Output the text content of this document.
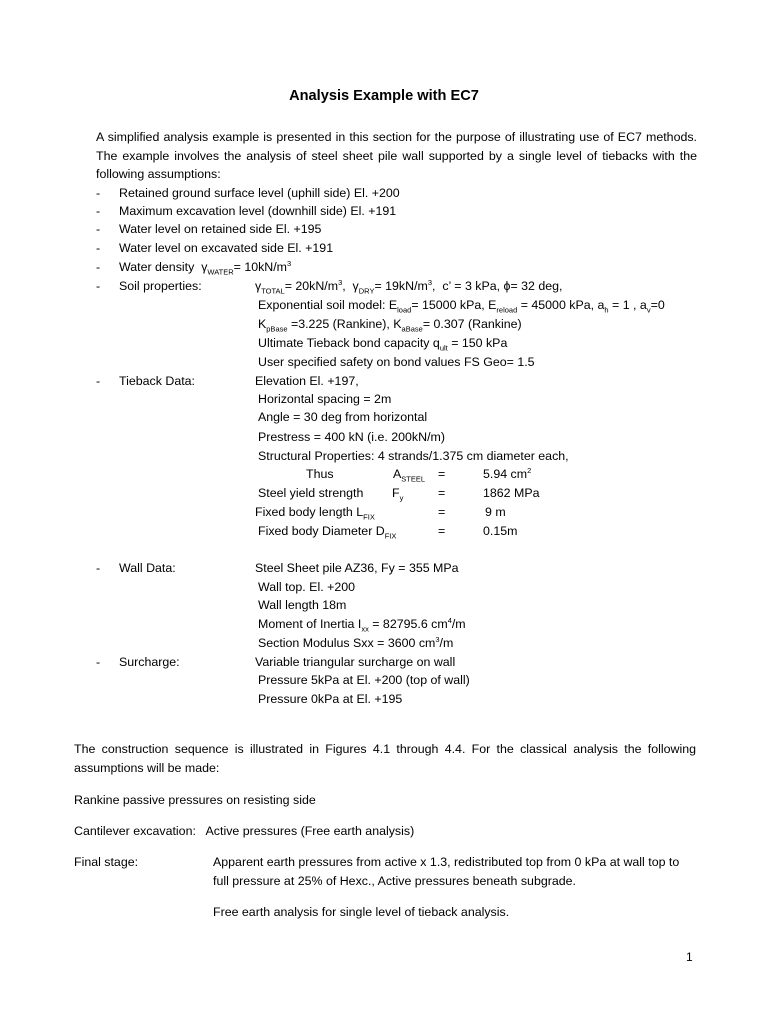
Analysis Example with EC7
A simplified analysis example is presented in this section for the purpose of illustrating use of EC7 methods. The example involves the analysis of steel sheet pile wall supported by a single level of tiebacks with the following assumptions:
- Retained ground surface level (uphill side) El. +200
- Maximum excavation level (downhill side) El. +191
- Water level on retained side El. +195
- Water level on excavated side El. +191
- Water density $\gamma_{WATER}= 10kN/m^3$
- Soil properties:	$\gamma_{TOTAL}= 20kN/m^3$,  $\gamma_{DRY}= 19kN/m^3$,  c’ = 3 kPa, ϕ= 32 deg,
Exponential soil model: $E_{load}= 15000$ kPa, $E_{reload} = 45000$ kPa, $a_h = 1$ , $a_v=0$
$K_{pBase} =3.225$ (Rankine), $K_{aBase}= 0.307$ (Rankine)
Ultimate Tieback bond capacity $q_{ult} = 150$ kPa
User specified safety on bond values FS Geo= 1.5
- Tieback Data:	Elevation El. +197,
Horizontal spacing = 2m
Angle = 30 deg from horizontal
Prestress = 400 kN (i.e. 200kN/m)
Structural Properties: 4 strands/1.375 cm diameter each,
Thus	$A_{STEEL}$ =	5.94 $cm^2$
Steel yield strength $F_y$	=	1862 MPa
Fixed body length $L_{FIX}$	=	9 m
Fixed body Diameter $D_{FIX}$	=	0.15m
- Wall Data:	Steel Sheet pile AZ36, Fy = 355 MPa
Wall top. El. +200
Wall length 18m
Moment of Inertia $I_{xx} = 82795.6$ $cm^4/m$
Section Modulus Sxx = 3600 $cm^3/m$
- Surcharge:	Variable triangular surcharge on wall
Pressure 5kPa at El. +200 (top of wall)
Pressure 0kPa at El. +195
The construction sequence is illustrated in Figures 4.1 through 4.4. For the classical analysis the following assumptions will be made:
Rankine passive pressures on resisting side
Cantilever excavation:   Active pressures (Free earth analysis)
Final stage:	Apparent earth pressures from active x 1.3, redistributed top from 0 kPa at wall top to full pressure at 25% of Hexc., Active pressures beneath subgrade.
Free earth analysis for single level of tieback analysis.
1
